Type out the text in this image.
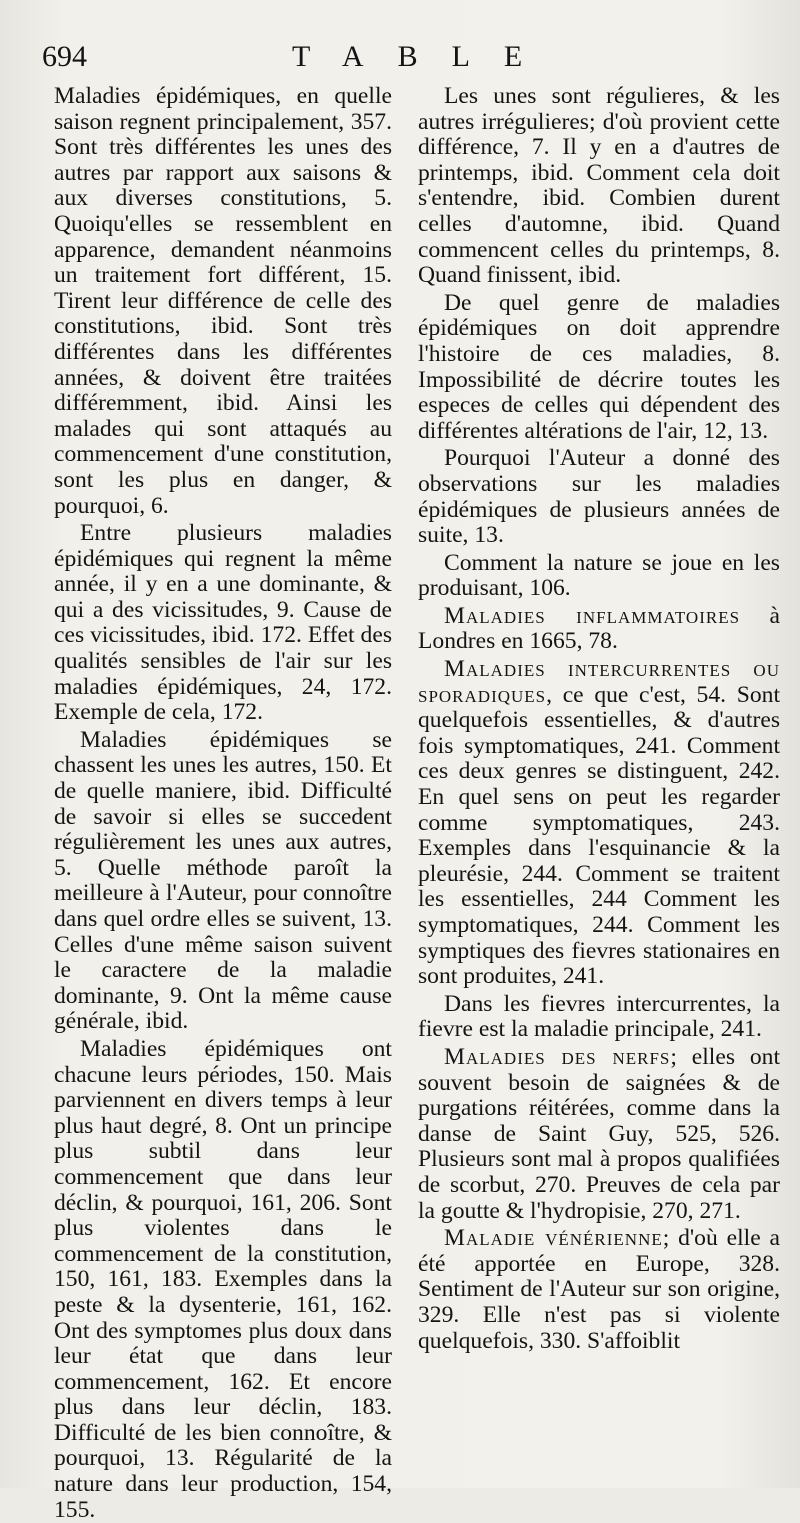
694	TABLE

Maladies épidémiques, en quelle saison regnent principalement, 357. Sont très différentes les unes des autres par rapport aux saisons & aux diverses constitutions, 5. Quoiqu'elles se ressemblent en apparence, demandent néanmoins un traitement fort différent, 15. Tirent leur différence de celle des constitutions, ibid. Sont très différentes dans les différentes années, & doivent être traitées différemment, ibid. Ainsi les malades qui sont attaqués au commencement d'une constitution, sont les plus en danger, & pourquoi, 6.

Entre plusieurs maladies épidémiques qui regnent la même année, il y en a une dominante, & qui a des vicissitudes, 9. Cause de ces vicissitudes, ibid. 172. Effet des qualités sensibles de l'air sur les maladies épidémiques, 24, 172. Exemple de cela, 172.

Maladies épidémiques se chassent les unes les autres, 150. Et de quelle maniere, ibid. Difficulté de savoir si elles se succedent régulièrement les unes aux autres, 5. Quelle méthode paroît la meilleure à l'Auteur, pour connoître dans quel ordre elles se suivent, 13. Celles d'une même saison suivent le caractere de la maladie dominante, 9. Ont la même cause générale, ibid.

Maladies épidémiques ont chacune leurs périodes, 150. Mais parviennent en divers temps à leur plus haut degré, 8. Ont un principe plus subtil dans leur commencement que dans leur déclin, & pourquoi, 161, 206. Sont plus violentes dans le commencement de la constitution, 150, 161, 183. Exemples dans la peste & la dysenterie, 161, 162. Ont des symptomes plus doux dans leur état que dans leur commencement, 162. Et encore plus dans leur déclin, 183. Difficulté de les bien connoître, & pourquoi, 13. Régularité de la nature dans leur production, 154, 155.

Les unes sont régulieres, & les autres irrégulieres; d'où provient cette différence, 7. Il y en a d'autres de printemps, ibid. Comment cela doit s'entendre, ibid. Combien durent celles d'automne, ibid. Quand commencent celles du printemps, 8. Quand finissent, ibid.

De quel genre de maladies épidémiques on doit apprendre l'histoire de ces maladies, 8. Impossibilité de décrire toutes les especes de celles qui dépendent des différentes altérations de l'air, 12, 13.

Pourquoi l'Auteur a donné des observations sur les maladies épidémiques de plusieurs années de suite, 13.

Comment la nature se joue en les produisant, 106.

Maladies inflammatoires à Londres en 1665, 78.

Maladies intercurrentes ou sporadiques, ce que c'est, 54. Sont quelquefois essentielles, & d'autres fois symptomatiques, 241. Comment ces deux genres se distinguent, 242. En quel sens on peut les regarder comme symptomatiques, 243. Exemples dans l'esquinancie & la pleurésie, 244. Comment se traitent les essentielles, 244 Comment les symptomatiques, 244. Comment les symptiques des fievres stationaires en sont produites, 241.

Dans les fievres intercurrentes, la fievre est la maladie principale, 241.

Maladies des nerfs; elles ont souvent besoin de saignées & de purgations réitérées, comme dans la danse de Saint Guy, 525, 526. Plusieurs sont mal à propos qualifiées de scorbut, 270. Preuves de cela par la goutte & l'hydropisie, 270, 271.

Maladie vénérienne; d'où elle a été apportée en Europe, 328. Sentiment de l'Auteur sur son origine, 329. Elle n'est pas si violente quelquefois, 330. S'affoiblit
